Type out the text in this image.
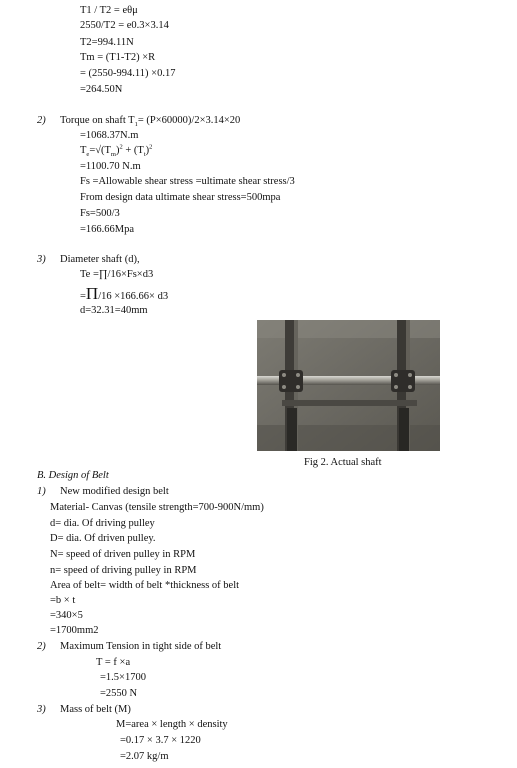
T1 / T2 = eθμ
2550/T2 = e0.3×3.14
T2=994.11N
Tm = (T1-T2) ×R
= (2550-994.11) ×0.17
=264.50N
2) Torque on shaft $T_1= (P\times 60000)/2\times 3.14\times 20$
=1068.37N.m
$T_e=√(T_m)^2 + (T_t)^2$
=1100.70 N.m
Fs =Allowable shear stress =ultimate shear stress/3
From design data ultimate shear stress=500mpa
Fs=500/3
=166.66Mpa
3) Diameter shaft (d),
Te =∏/16×Fs×d3
=Π/16 ×166.66× d3
d=32.31=40mm
Fig 2. Actual shaft
B. Design of Belt
1) New modified design belt
Material- Canvas (tensile strength=700-900N/mm)
d= dia. Of driving pulley
D= dia. Of driven pulley.
N= speed of driven pulley in RPM
n= speed of driving pulley in RPM
Area of belt= width of belt *thickness of belt
=b × t
=340×5
=1700mm2
2) Maximum Tension in tight side of belt
T = f ×a
=1.5×1700
=2550 N
3) Mass of belt (M)
M=area × length × density
=0.17 × 3.7 × 1220
=2.07 kg/m
